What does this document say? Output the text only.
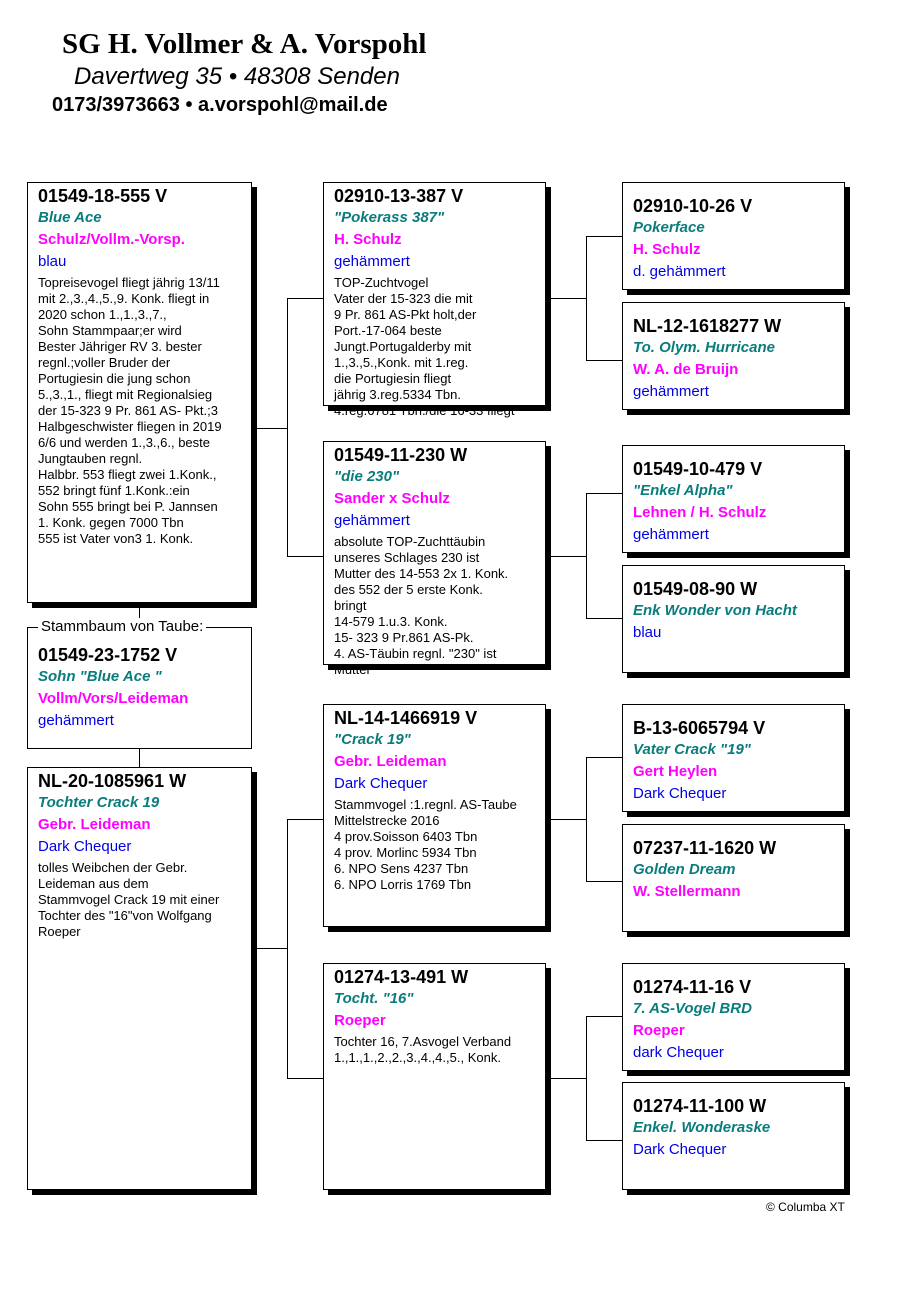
SG H. Vollmer & A. Vorspohl
Davertweg 35 • 48308 Senden
0173/3973663 • a.vorspohl@mail.de
01549-18-555 V
Blue Ace
Schulz/Vollm.-Vorsp.
blau
Topreisevogel fliegt jährig 13/11
mit 2.,3.,4.,5.,9. Konk. fliegt in
2020 schon 1.,1.,3.,7.,
Sohn Stammpaar;er wird
Bester Jähriger RV 3. bester
regnl.;voller Bruder der
Portugiesin die jung schon
5.,3.,1., fliegt mit Regionalsieg
der 15-323 9 Pr. 861 AS- Pkt.;3
Halbgeschwister fliegen in 2019
6/6 und werden 1.,3.,6., beste
Jungtauben regnl.
Halbbr. 553 fliegt zwei 1.Konk.,
552 bringt fünf 1.Konk.:ein
Sohn 555 bringt bei P. Jannsen
1. Konk. gegen 7000 Tbn
555 ist Vater von3 1. Konk.
01549-23-1752 V
Sohn "Blue Ace "
Vollm/Vors/Leideman
gehämmert
Stammbaum von Taube:
NL-20-1085961 W
Tochter Crack 19
Gebr. Leideman
Dark Chequer
tolles Weibchen der Gebr.
Leideman aus dem
Stammvogel Crack 19 mit einer
Tochter des "16"von Wolfgang
Roeper
02910-13-387 V
"Pokerass 387"
H. Schulz
gehämmert
TOP-Zuchtvogel
Vater der 15-323 die mit
9 Pr. 861 AS-Pkt holt,der
Port.-17-064 beste
Jungt.Portugalderby mit
1.,3.,5.,Konk. mit 1.reg.
die Portugiesin fliegt
jährig 3.reg.5334 Tbn.
4.reg.6781 Tbn./die 16-33 fliegt
01549-11-230 W
"die 230"
Sander x Schulz
gehämmert
absolute TOP-Zuchttäubin
unseres Schlages 230 ist
Mutter des 14-553 2x 1. Konk.
des 552 der 5 erste Konk.
bringt
14-579 1.u.3. Konk.
15- 323 9 Pr.861 AS-Pk.
4. AS-Täubin regnl. "230" ist
Mutter
NL-14-1466919 V
"Crack 19"
Gebr. Leideman
Dark Chequer
Stammvogel :1.regnl. AS-Taube
Mittelstrecke 2016
4 prov.Soisson 6403 Tbn
4 prov. Morlinc 5934 Tbn
6. NPO Sens 4237 Tbn
6. NPO Lorris 1769 Tbn
01274-13-491 W
Tocht. "16"
Roeper
Tochter 16, 7.Asvogel Verband
1.,1.,1.,2.,2.,3.,4.,4.,5., Konk.
02910-10-26 V
Pokerface
H. Schulz
d. gehämmert
NL-12-1618277 W
To. Olym. Hurricane
W. A. de Bruijn
gehämmert
01549-10-479 V
"Enkel Alpha"
Lehnen / H. Schulz
gehämmert
01549-08-90 W
Enk Wonder von Hacht
blau
B-13-6065794 V
Vater Crack "19"
Gert Heylen
Dark Chequer
07237-11-1620 W
Golden Dream
W. Stellermann
01274-11-16 V
7. AS-Vogel BRD
Roeper
dark Chequer
01274-11-100 W
Enkel. Wonderaske
Dark Chequer
© Columba XT
